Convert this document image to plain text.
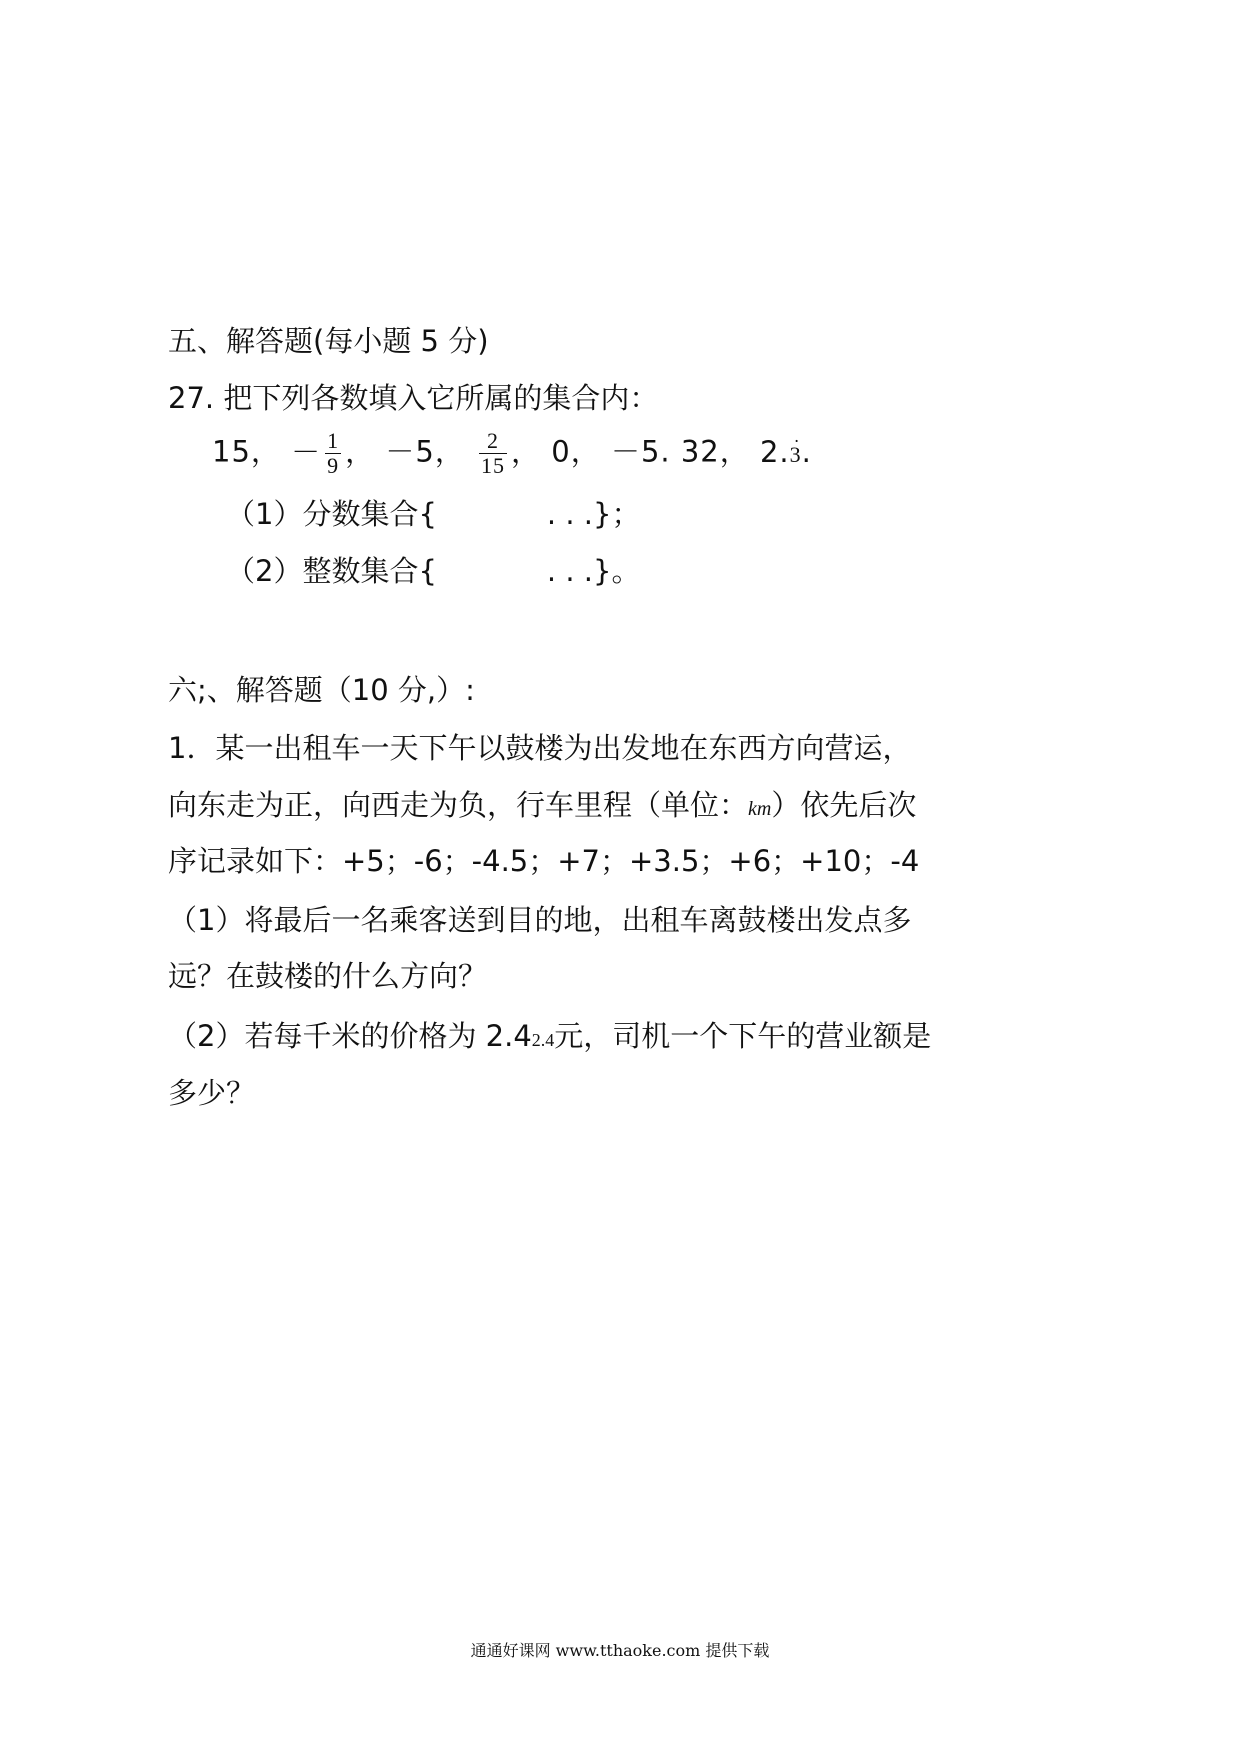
五、解答题(每小题 5 分)
27. 把下列各数填入它所属的集合内：
15， － $\frac{1}{9}$ ， －5， $\frac{2}{15}$ ， 0， －5. 32， 2.· 3.
（1）分数集合{	. . .}；
（2）整数集合{	. . .}。
六;、解答题（10 分,）:
1．某一出租车一天下午以鼓楼为出发地在东西方向营运，
向东走为正，向西走为负，行车里程（单位：km）依先后次
序记录如下：+5；-6；-4.5；+7；+3.5；+6；+10；-4
（1）将最后一名乘客送到目的地，出租车离鼓楼出发点多
远？在鼓楼的什么方向？
（2）若每千米的价格为 2.42.4元，司机一个下午的营业额是
多少？
通通好课网 www.tthaoke.com 提供下载
